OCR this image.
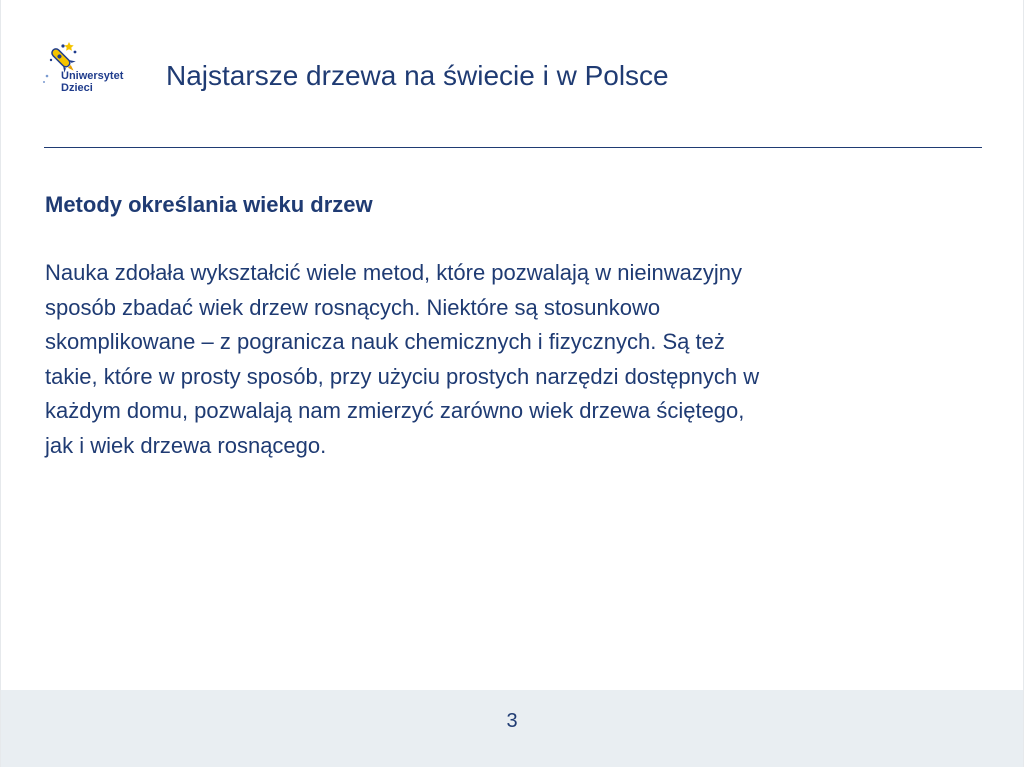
Uniwersytet
Dzieci	Najstarsze drzewa na świecie i w Polsce

Metody określania wieku drzew

Nauka zdołała wykształcić wiele metod, które pozwalają w nieinwazyjny
sposób zbadać wiek drzew rosnących. Niektóre są stosunkowo
skomplikowane – z pogranicza nauk chemicznych i fizycznych. Są też
takie, które w prosty sposób, przy użyciu prostych narzędzi dostępnych w
każdym domu, pozwalają nam zmierzyć zarówno wiek drzewa ściętego,
jak i wiek drzewa rosnącego.

3
